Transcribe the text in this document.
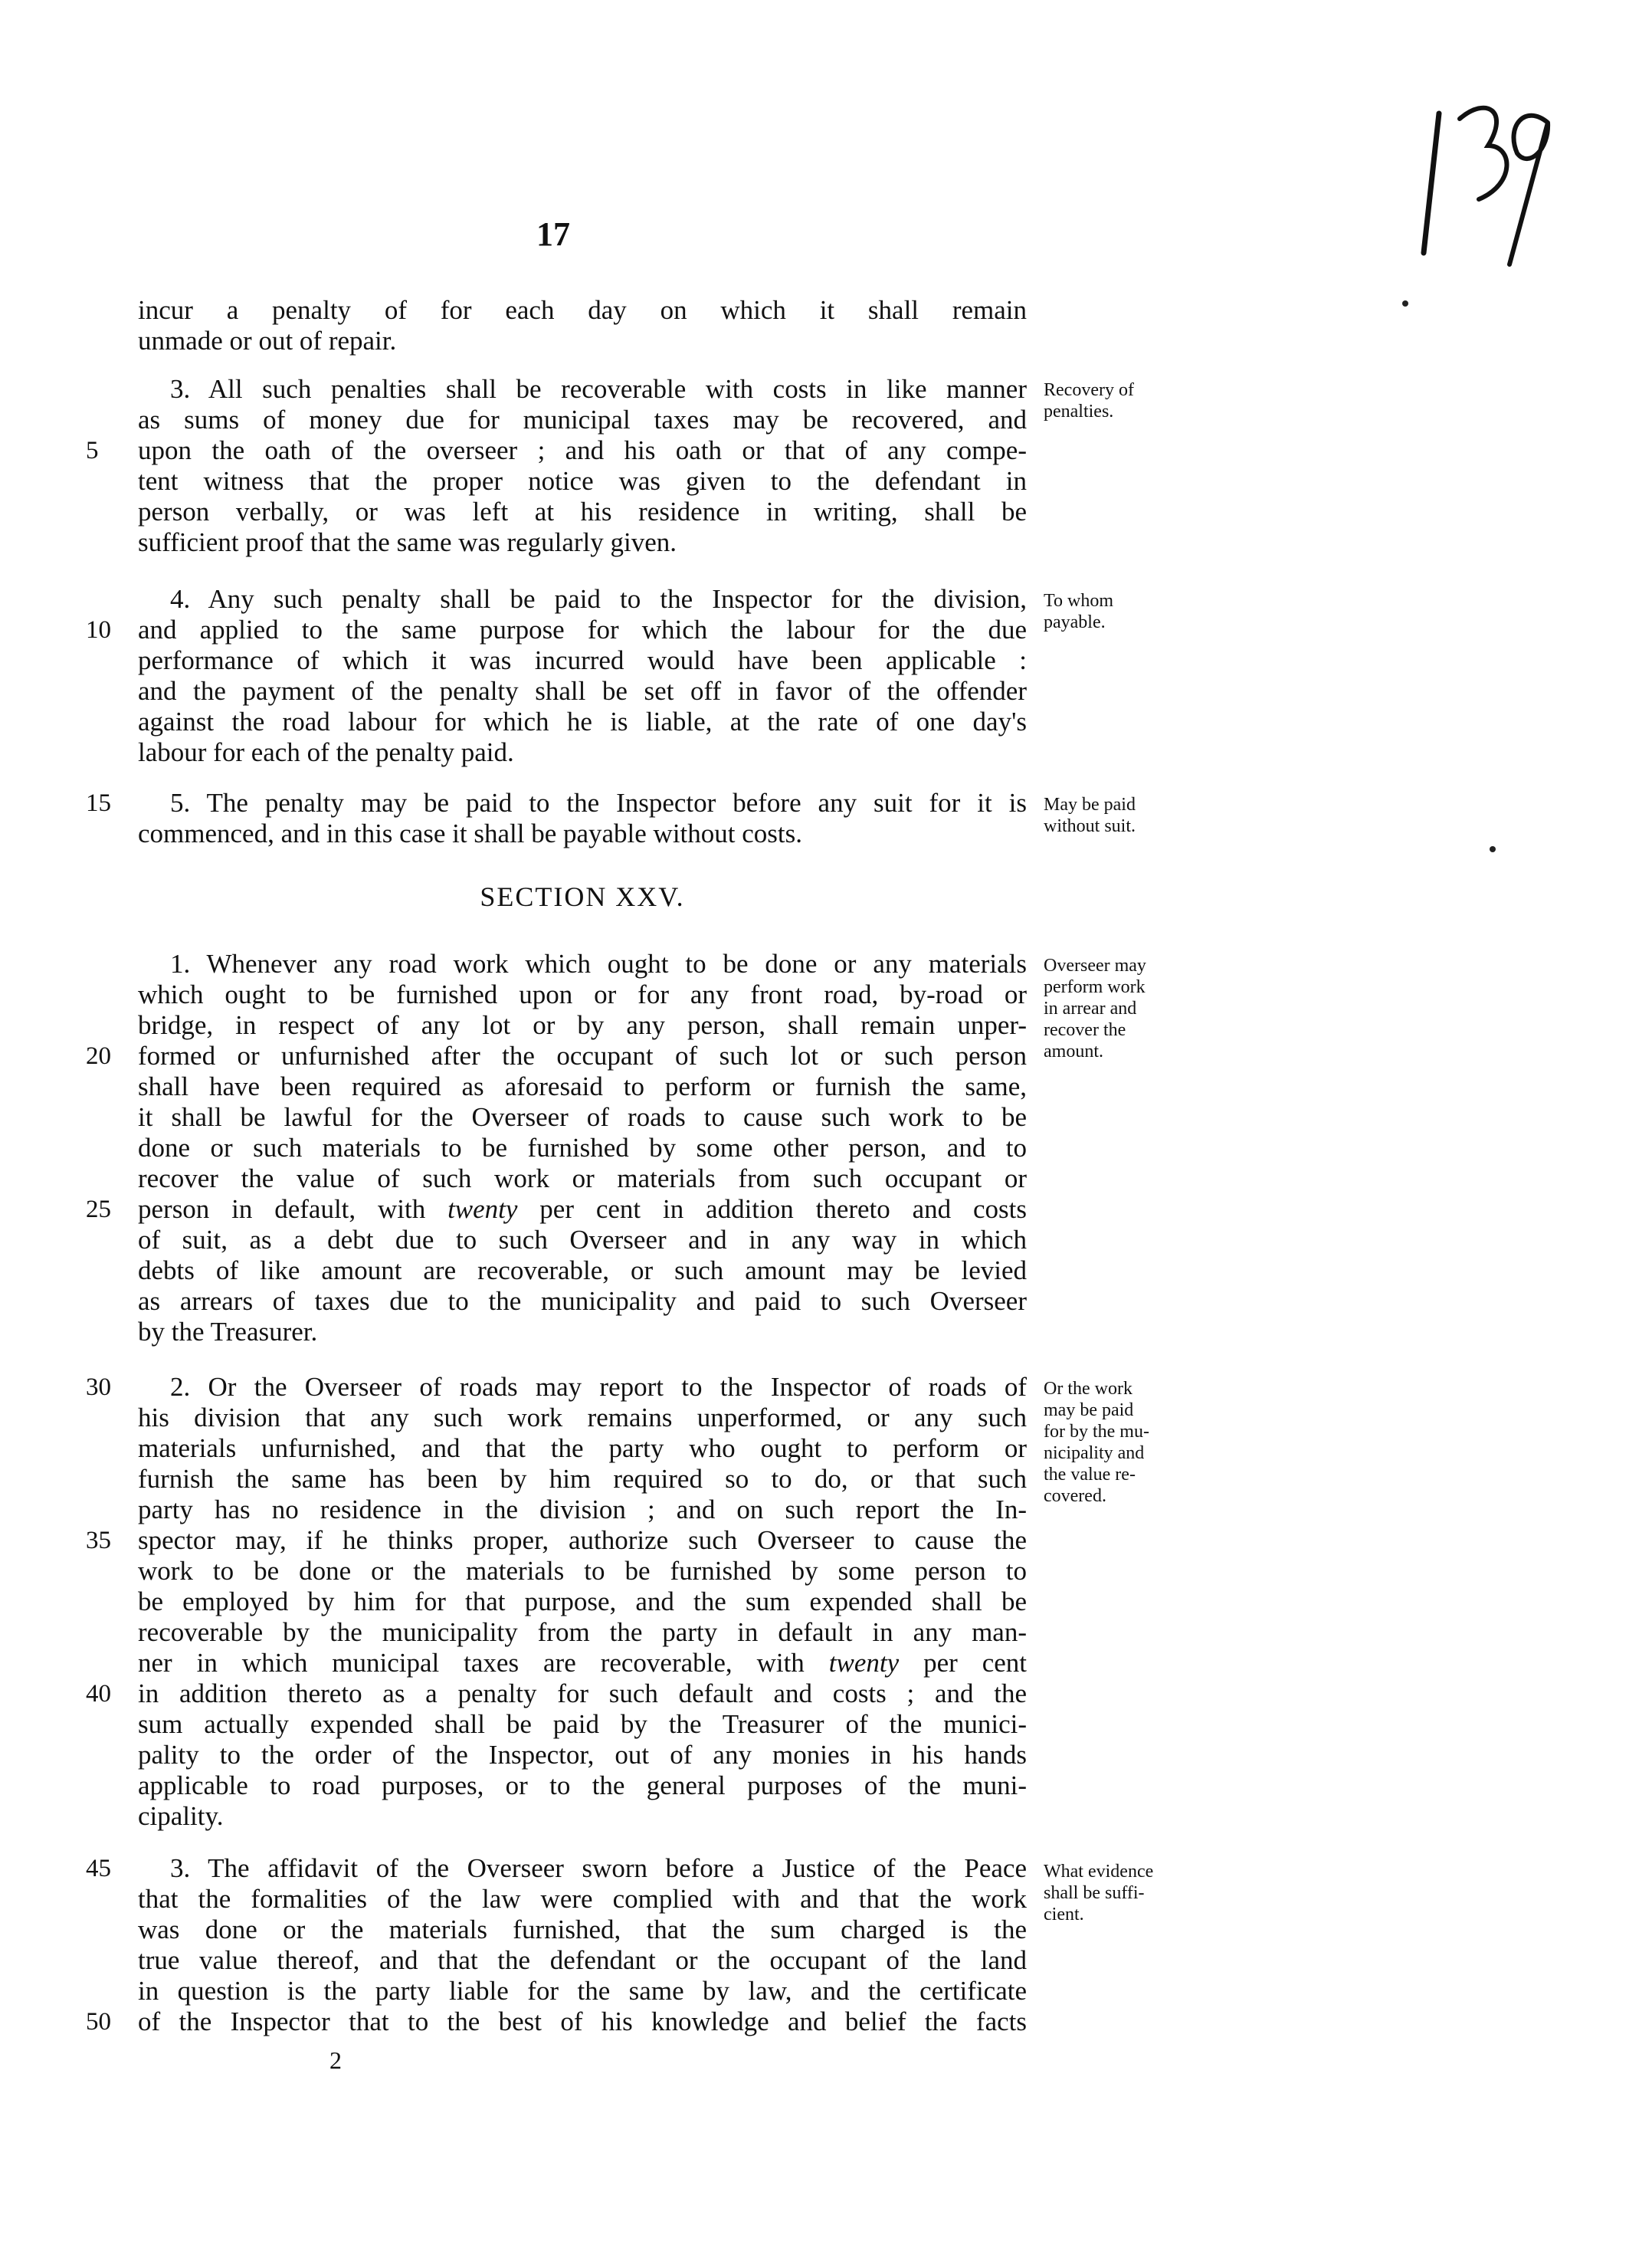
17
incur a penalty of for each day on which it shall remain
unmade or out of repair.
3. All such penalties shall be recoverable with costs in like manner
as sums of money due for municipal taxes may be recovered, and
5	upon the oath of the overseer ; and his oath or that of any compe-
tent witness that the proper notice was given to the defendant in
person verbally, or was left at his residence in writing, shall be
sufficient proof that the same was regularly given.
Recovery of
penalties.
4. Any such penalty shall be paid to the Inspector for the division,
10	and applied to the same purpose for which the labour for the due
performance of which it was incurred would have been applicable :
and the payment of the penalty shall be set off in favor of the offender
against the road labour for which he is liable, at the rate of one day's
labour for each of the penalty paid.
To whom
payable.
15	5. The penalty may be paid to the Inspector before any suit for it is
commenced, and in this case it shall be payable without costs.
May be paid
without suit.
SECTION XXV.
1. Whenever any road work which ought to be done or any materials
which ought to be furnished upon or for any front road, by-road or
bridge, in respect of any lot or by any person, shall remain unper-
20	formed or unfurnished after the occupant of such lot or such person
shall have been required as aforesaid to perform or furnish the same,
it shall be lawful for the Overseer of roads to cause such work to be
done or such materials to be furnished by some other person, and to
recover the value of such work or materials from such occupant or
25	person in default, with twenty per cent in addition thereto and costs
of suit, as a debt due to such Overseer and in any way in which
debts of like amount are recoverable, or such amount may be levied
as arrears of taxes due to the municipality and paid to such Overseer
by the Treasurer.
Overseer may
perform work
in arrear and
recover the
amount.
30	2. Or the Overseer of roads may report to the Inspector of roads of
his division that any such work remains unperformed, or any such
materials unfurnished, and that the party who ought to perform or
furnish the same has been by him required so to do, or that such
party has no residence in the division ; and on such report the In-
35	spector may, if he thinks proper, authorize such Overseer to cause the
work to be done or the materials to be furnished by some person to
be employed by him for that purpose, and the sum expended shall be
recoverable by the municipality from the party in default in any man-
ner in which municipal taxes are recoverable, with twenty per cent
40	in addition thereto as a penalty for such default and costs ; and the
sum actually expended shall be paid by the Treasurer of the munici-
pality to the order of the Inspector, out of any monies in his hands
applicable to road purposes, or to the general purposes of the muni-
cipality.
Or the work
may be paid
for by the mu-
nicipality and
the value re-
covered.
45	3. The affidavit of the Overseer sworn before a Justice of the Peace
that the formalities of the law were complied with and that the work
was done or the materials furnished, that the sum charged is the
true value thereof, and that the defendant or the occupant of the land
in question is the party liable for the same by law, and the certificate
50	of the Inspector that to the best of his knowledge and belief the facts
What evidence
shall be suffi-
cient.
2
